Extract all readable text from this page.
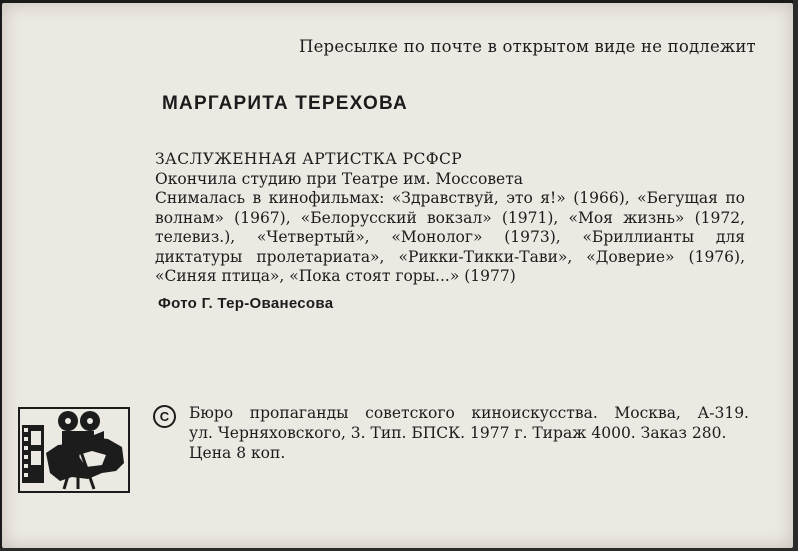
Пересылке по почте в открытом виде не подлежит
МАРГАРИТА ТЕРЕХОВА

ЗАСЛУЖЕННАЯ АРТИСТКА РСФСР

Окончила студию при Театре им. Моссовета

Снималась в кинофильмах: «Здравствуй, это я!» (1966), «Бегущая по волнам» (1967), «Белорусский вокзал» (1971), «Моя жизнь» (1972, телевиз.), «Четвертый», «Монолог» (1973), «Бриллианты для диктатуры пролетариата», «Рикки-Тикки-Тави», «Доверие» (1976), «Синяя птица», «Пока стоят горы...» (1977)

Фото Г. Тер-Ованесова
C	Бюро пропаганды советского киноискусства. Москва, А-319.

ул. Черняховского, 3. Тип. БПСК. 1977 г. Тираж 4000. Заказ 280.

Цена 8 коп.
